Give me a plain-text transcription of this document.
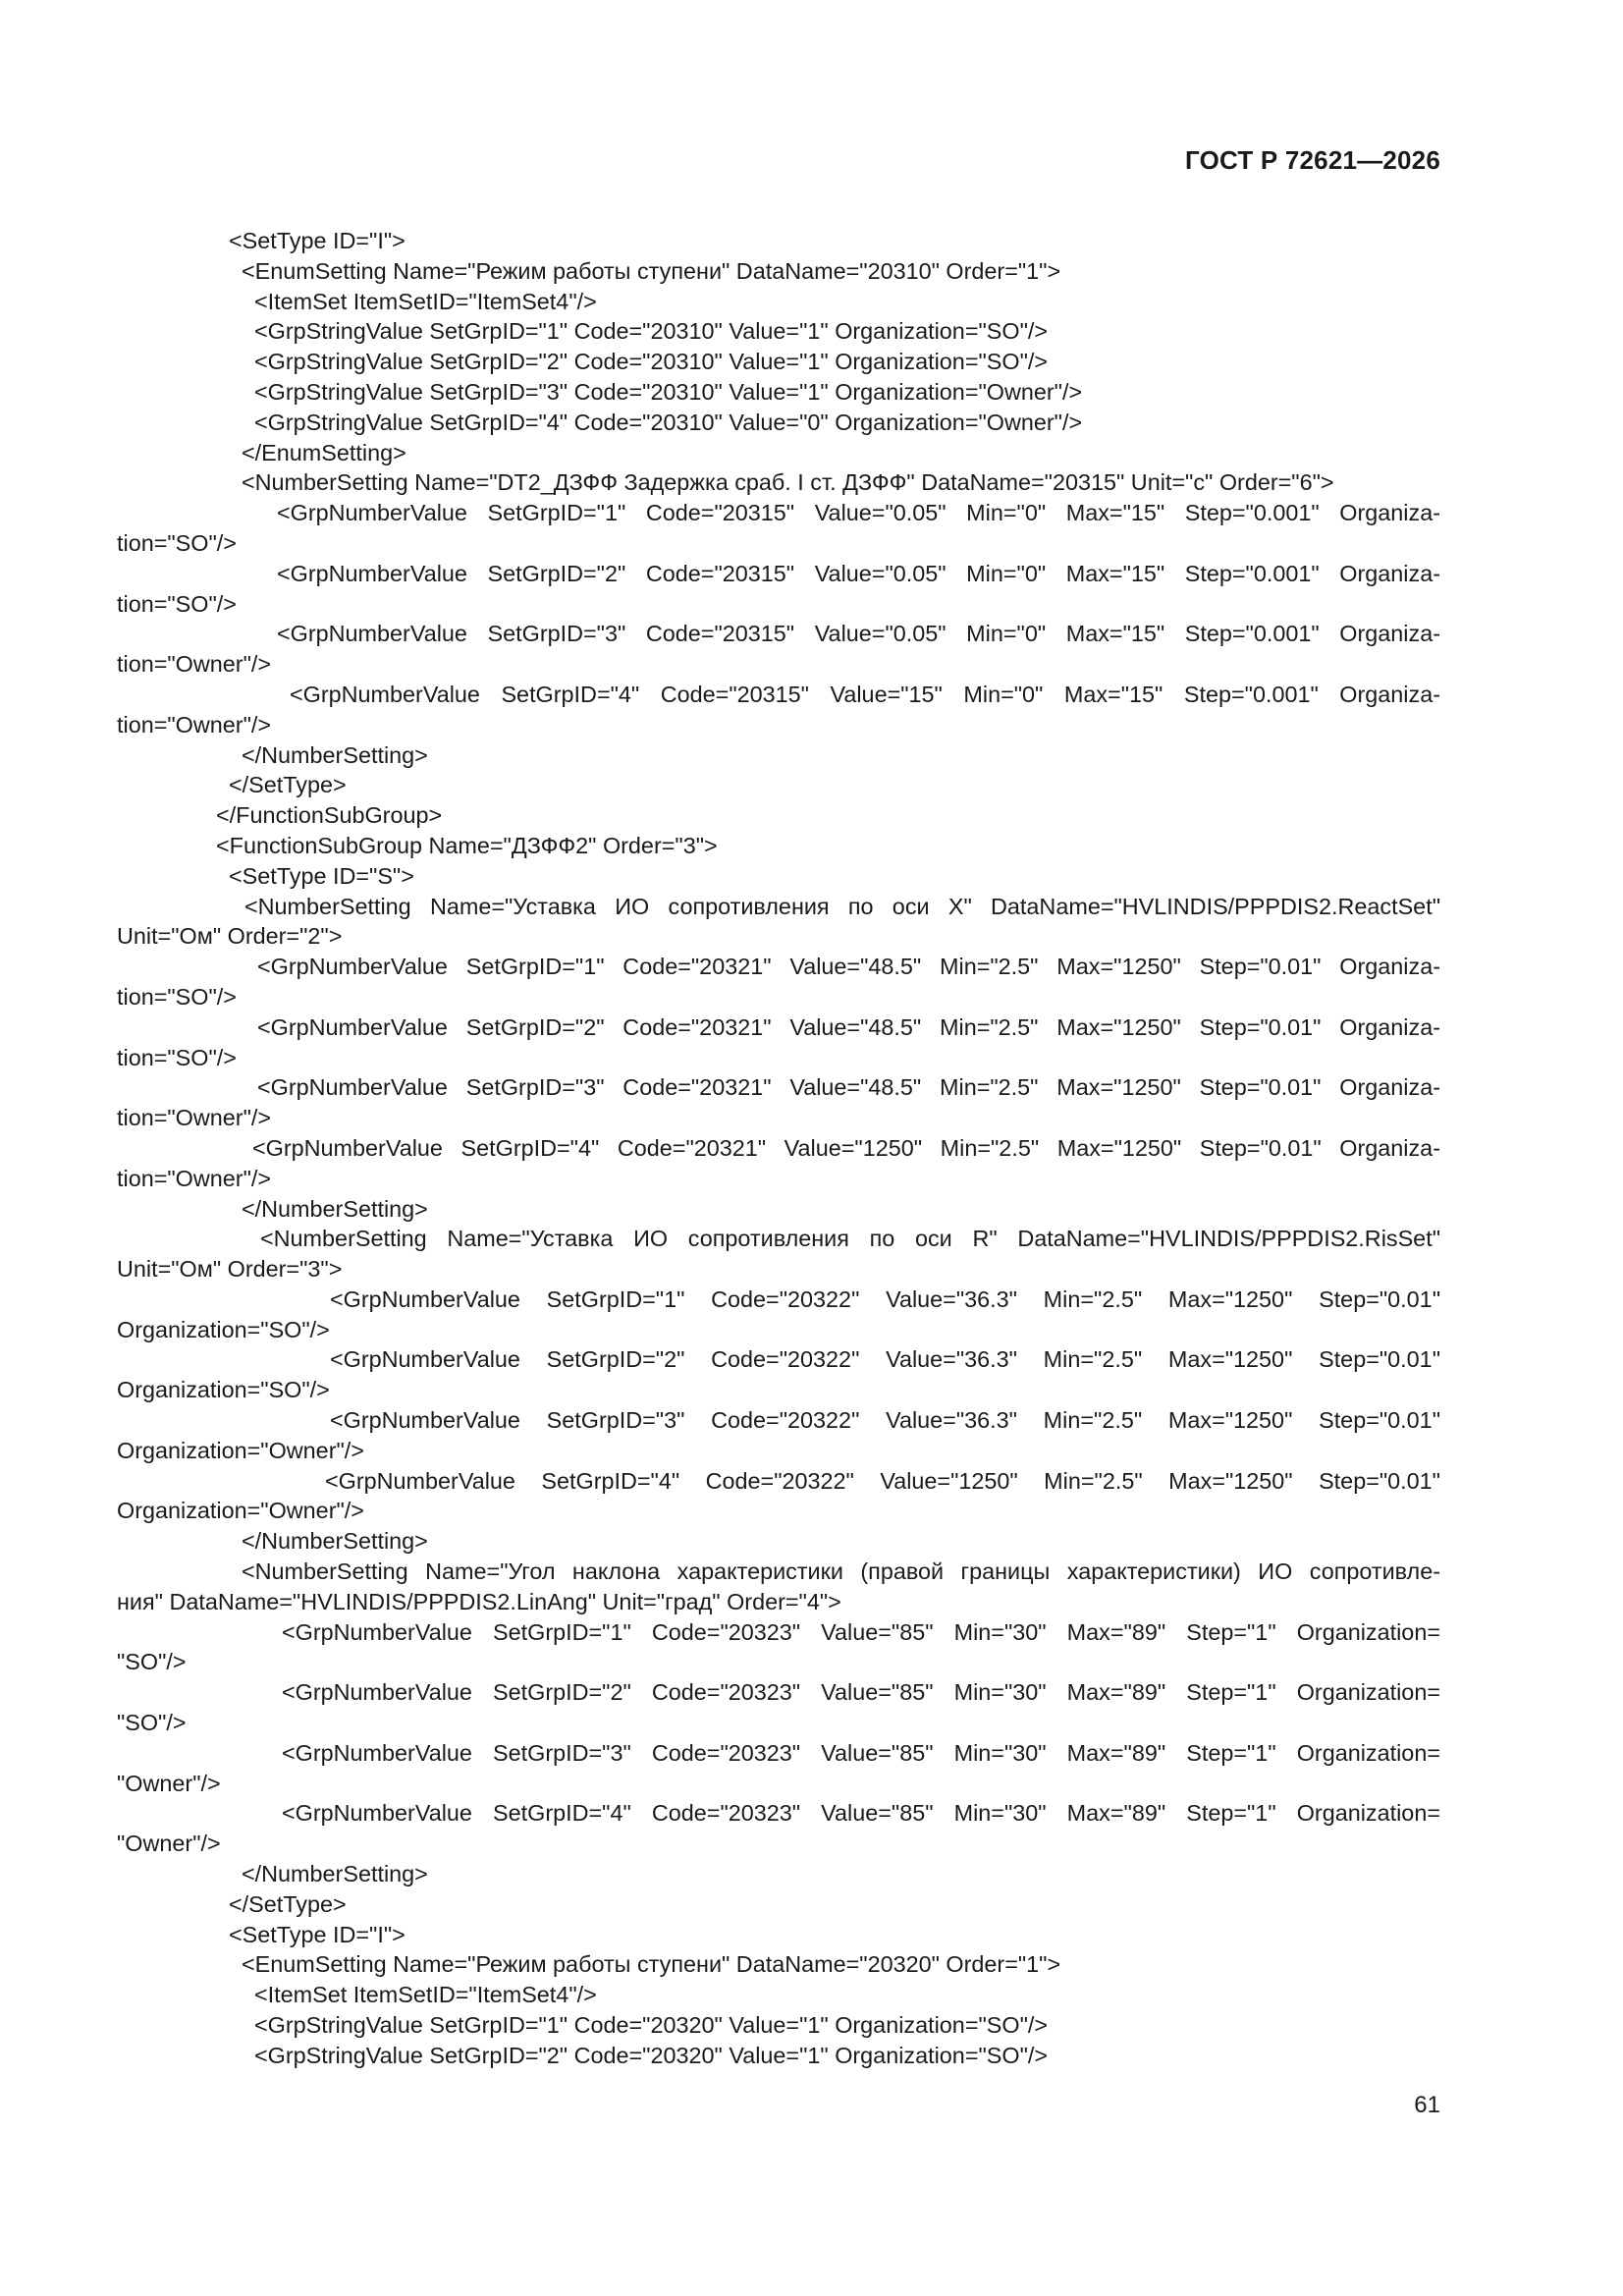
ГОСТ Р 72621—2026
<SetType ID="I">
<EnumSetting Name="Режим работы ступени" DataName="20310" Order="1">
<ItemSet ItemSetID="ItemSet4"/>
<GrpStringValue SetGrpID="1" Code="20310" Value="1" Organization="SO"/>
<GrpStringValue SetGrpID="2" Code="20310" Value="1" Organization="SO"/>
<GrpStringValue SetGrpID="3" Code="20310" Value="1" Organization="Owner"/>
<GrpStringValue SetGrpID="4" Code="20310" Value="0" Organization="Owner"/>
</EnumSetting>
<NumberSetting Name="DT2_ДЗФФ Задержка сраб. I ст. ДЗФФ" DataName="20315" Unit="с" Order="6">
<GrpNumberValue SetGrpID="1" Code="20315" Value="0.05" Min="0" Max="15" Step="0.001" Organiza-
tion="SO"/>
<GrpNumberValue SetGrpID="2" Code="20315" Value="0.05" Min="0" Max="15" Step="0.001" Organiza-
tion="SO"/>
<GrpNumberValue SetGrpID="3" Code="20315" Value="0.05" Min="0" Max="15" Step="0.001" Organiza-
tion="Owner"/>
<GrpNumberValue SetGrpID="4" Code="20315" Value="15" Min="0" Max="15" Step="0.001" Organiza-
tion="Owner"/>
</NumberSetting>
</SetType>
</FunctionSubGroup>
<FunctionSubGroup Name="ДЗФФ2" Order="3">
<SetType ID="S">
<NumberSetting Name="Уставка ИО сопротивления по оси X" DataName="HVLINDIS/PPPDIS2.ReactSet"
Unit="Ом" Order="2">
<GrpNumberValue SetGrpID="1" Code="20321" Value="48.5" Min="2.5" Max="1250" Step="0.01" Organiza-
tion="SO"/>
<GrpNumberValue SetGrpID="2" Code="20321" Value="48.5" Min="2.5" Max="1250" Step="0.01" Organiza-
tion="SO"/>
<GrpNumberValue SetGrpID="3" Code="20321" Value="48.5" Min="2.5" Max="1250" Step="0.01" Organiza-
tion="Owner"/>
<GrpNumberValue SetGrpID="4" Code="20321" Value="1250" Min="2.5" Max="1250" Step="0.01" Organiza-
tion="Owner"/>
</NumberSetting>
<NumberSetting Name="Уставка ИО сопротивления по оси R" DataName="HVLINDIS/PPPDIS2.RisSet"
Unit="Ом" Order="3">
<GrpNumberValue SetGrpID="1" Code="20322" Value="36.3" Min="2.5" Max="1250" Step="0.01"
Organization="SO"/>
<GrpNumberValue SetGrpID="2" Code="20322" Value="36.3" Min="2.5" Max="1250" Step="0.01"
Organization="SO"/>
<GrpNumberValue SetGrpID="3" Code="20322" Value="36.3" Min="2.5" Max="1250" Step="0.01"
Organization="Owner"/>
<GrpNumberValue SetGrpID="4" Code="20322" Value="1250" Min="2.5" Max="1250" Step="0.01"
Organization="Owner"/>
</NumberSetting>
<NumberSetting Name="Угол наклона характеристики (правой границы характеристики) ИО сопротивле-
ния" DataName="HVLINDIS/PPPDIS2.LinAng" Unit="град" Order="4">
<GrpNumberValue SetGrpID="1" Code="20323" Value="85" Min="30" Max="89" Step="1" Organization=
"SO"/>
<GrpNumberValue SetGrpID="2" Code="20323" Value="85" Min="30" Max="89" Step="1" Organization=
"SO"/>
<GrpNumberValue SetGrpID="3" Code="20323" Value="85" Min="30" Max="89" Step="1" Organization=
"Owner"/>
<GrpNumberValue SetGrpID="4" Code="20323" Value="85" Min="30" Max="89" Step="1" Organization=
"Owner"/>
</NumberSetting>
</SetType>
<SetType ID="I">
<EnumSetting Name="Режим работы ступени" DataName="20320" Order="1">
<ItemSet ItemSetID="ItemSet4"/>
<GrpStringValue SetGrpID="1" Code="20320" Value="1" Organization="SO"/>
<GrpStringValue SetGrpID="2" Code="20320" Value="1" Organization="SO"/>
61
